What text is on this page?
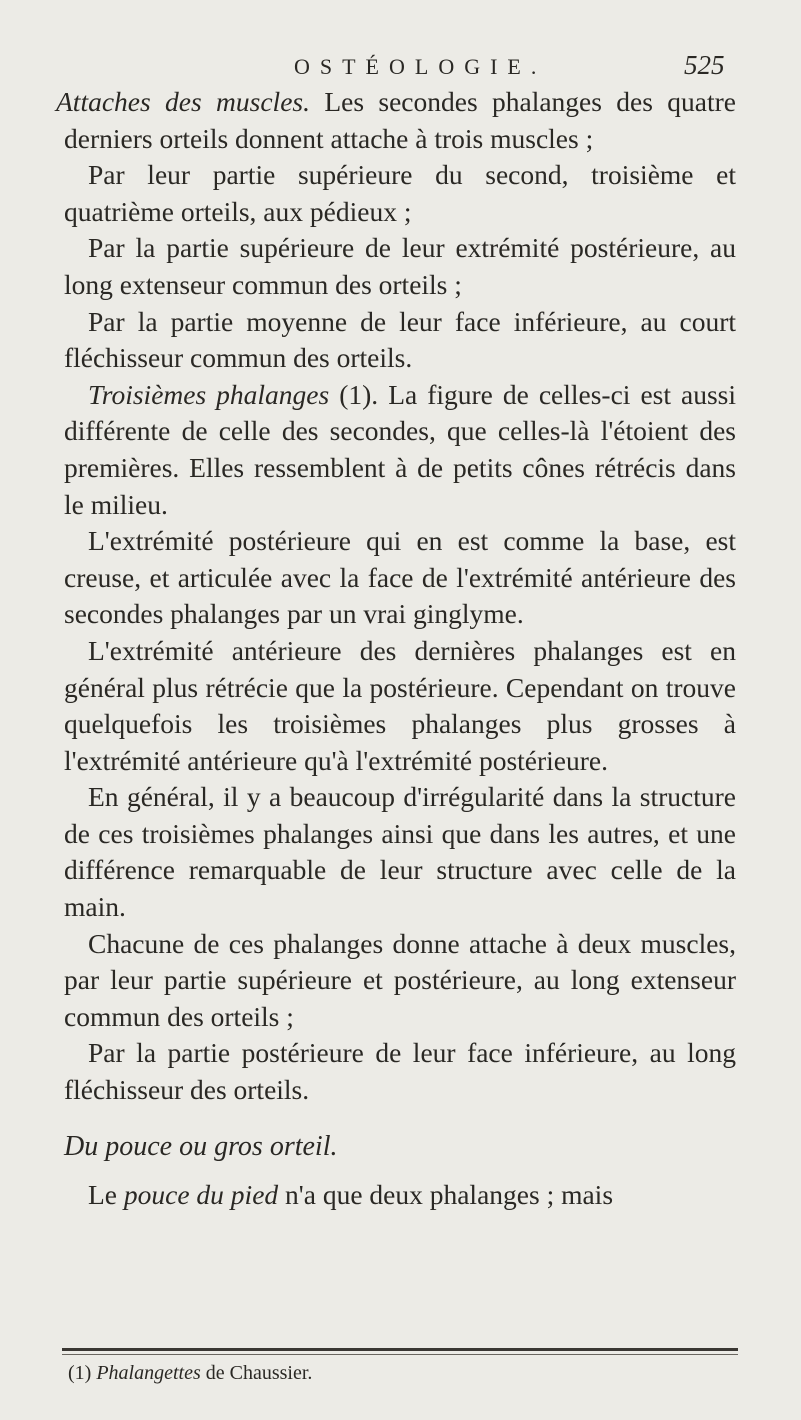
OSTÉOLOGIE.	525

Attaches des muscles. Les secondes phalanges des quatre derniers orteils donnent attache à trois muscles ;

Par leur partie supérieure du second, troisième et quatrième orteils, aux pédieux ;

Par la partie supérieure de leur extrémité postérieure, au long extenseur commun des orteils ;

Par la partie moyenne de leur face inférieure, au court fléchisseur commun des orteils.

Troisièmes phalanges (1). La figure de celles-ci est aussi différente de celle des secondes, que celles-là l'étoient des premières. Elles ressemblent à de petits cônes rétrécis dans le milieu.

L'extrémité postérieure qui en est comme la base, est creuse, et articulée avec la face de l'extrémité antérieure des secondes phalanges par un vrai ginglyme.

L'extrémité antérieure des dernières phalanges est en général plus rétrécie que la postérieure. Cependant on trouve quelquefois les troisièmes phalanges plus grosses à l'extrémité antérieure qu'à l'extrémité postérieure.

En général, il y a beaucoup d'irrégularité dans la structure de ces troisièmes phalanges ainsi que dans les autres, et une différence remarquable de leur structure avec celle de la main.

Chacune de ces phalanges donne attache à deux muscles, par leur partie supérieure et postérieure, au long extenseur commun des orteils ;

Par la partie postérieure de leur face inférieure, au long fléchisseur des orteils.

Du pouce ou gros orteil.

Le pouce du pied n'a que deux phalanges ; mais

(1) Phalangettes de Chaussier.
